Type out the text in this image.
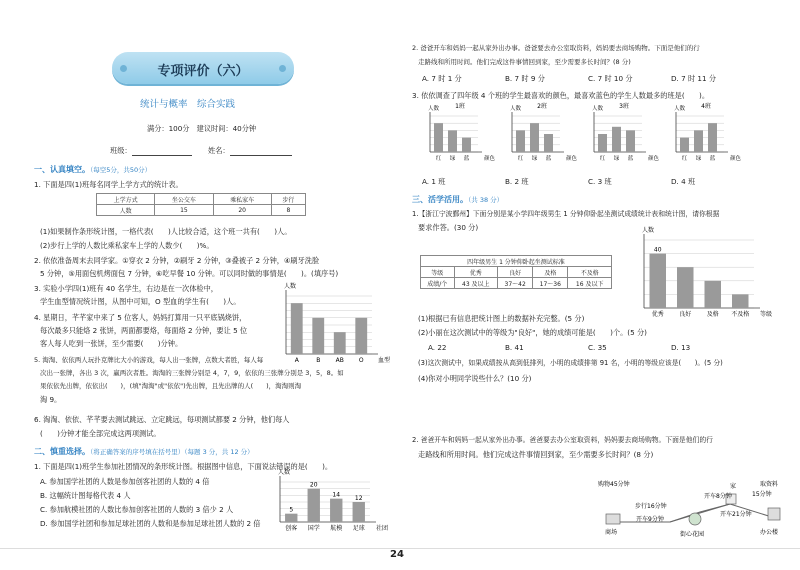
专项评价（六）
统计与概率　综合实践
满分：100分　建议时间：40分钟
班级：	姓名：
一、认真填空。（每空5分，共50分）
1. 下面是四(1)班每名同学上学方式的统计表。
上学方式	坐公交车	乘私家车	步行
人数	15	20	8
(1)如果制作条形统计图，一格代表(　　)人比较合适，这个班一共有(　　)人。
(2)步行上学的人数比乘私家车上学的人数少(　　)%。
2. 依依准备周末去同学家。①穿衣 2 分钟，②刷牙 2 分钟，③叠被子 2 分钟，④刷牙洗脸
5 分钟，⑤用面包机烤面包 7 分钟，⑥吃早餐 10 分钟。可以同时做的事情是(　　)。(填序号)
3. 实验小学四(1)班有 40 名学生，右边是在一次体检中，
学生血型情况统计图，从图中可知，O 型血的学生有(　　)人。
4. 星期日，芊芊家中来了 5 位客人，妈妈打算用一只平底锅烧饼，
每次最多只能烙 2 张饼，两面都要烙，每面烙 2 分钟，要让 5 位
客人每人吃到一张饼，至少需要(　　)分钟。
5. 淘淘、依依两人玩扑克牌比大小的游戏，每人出一张牌，点数大者胜，每人每
次出一张牌，各出 3 次，赢两次者胜。淘淘的三张牌分别是 4，7，9，依依的三张牌分别是 3，5，8。如
果依依先出牌，依依出(　　)，(填"淘淘"或"依依")先出牌，且先出牌的人(　　)，淘淘则淘
淘 9。
6. 淘淘、依依、芊芊要去测试跳远、立定跳远，每项测试都要 2 分钟，他们每人
(　　)分钟才能全部完成这两项测试。
人数
血型
A	B	AB	O
二、慎重选择。（将正确答案的序号填在括号里）（每题 3 分，共 12 分）
1. 下面是四(1)班学生参加社团情况的条形统计图。根据图中信息，下面说法错误的是(　　)。
A. 参加国学社团的人数是参加创客社团的人数的 4 倍
B. 这幅统计图每格代表 4 人
C. 参加航模社团的人数比参加创客社团的人数的 3 倍少 2 人
D. 参加国学社团和参加足球社团的人数和是参加足球社团人数的 2 倍
人数
社团
创客
5
国学
20
航模
14
足球
12
2. 爸爸开车和妈妈一起从家外出办事。爸爸要去办公室取资料，妈妈要去商场购物。下面是他们的行
走路线和所用时间。他们完成这件事情回到家，至少需要多长时间？(8 分)
A. 7 时 1 分	B. 7 时 9 分	C. 7 时 10 分	D. 7 时 11 分
3. 依依调查了四年级 4 个班的学生最喜欢的颜色，最喜欢蓝色的学生人数最多的班是(　　)。
1班
人数
红 绿 蓝	颜色
2班
人数
红 绿 蓝	颜色
3班
人数
红 绿 蓝	颜色
4班
人数
红 绿 蓝	颜色
A. 1 班	B. 2 班	C. 3 班	D. 4 班
三、活学活用。（共 38 分）
1.【浙江宁波鄞州】下面分别是某小学四年级男生 1 分钟仰卧起坐测试成绩统计表和统计图，请你根据
要求作答。(30 分)
四年级男生 1 分钟仰卧起坐测试标准				
等级	优秀	良好	及格	不及格
成绩/个	43 及以上	37～42	17～36	16 及以下
人数
等级
优秀
40
良好	及格 不及格
(1)根据已有信息把统计图上的数据补充完整。(5 分)
(2)小丽在这次测试中的等级为"良好"，她的成绩可能是(　　)个。(5 分)
A. 22	B. 41	C. 35	D. 13
(3)这次测试中，如果成绩按从高到低排列，小明的成绩排第 91 名，小明的等级应该是(　　)。(5 分)
(4)你对小明同学说些什么？(10 分)
2. 爸爸开车和妈妈一起从家外出办事。爸爸要去办公室取资料，妈妈要去商场购物。下面是他们的行
走路线和所用时间。他们完成这件事情回到家，至少需要多长时间？(8 分)
购物45分钟
商场
步行16分钟
开车9分钟
街心花园
开车8分钟
家
开车21分钟
取资料
15分钟
办公楼
24
